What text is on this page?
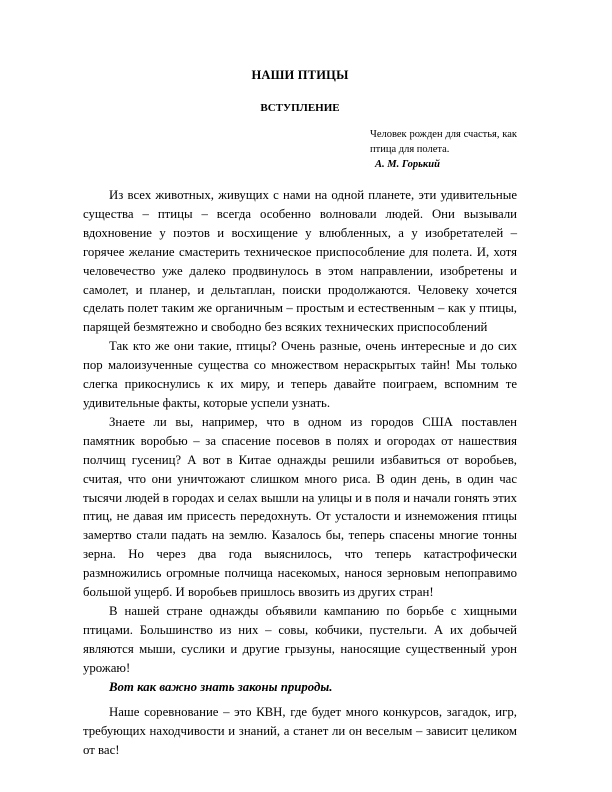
НАШИ ПТИЦЫ
ВСТУПЛЕНИЕ
Человек рожден для счастья, как птица для полета.
А. М. Горький

Из всех животных, живущих с нами на одной планете, эти удивительные существа – птицы – всегда особенно волновали людей. Они вызывали вдохновение у поэтов и восхищение у влюбленных, а у изобретателей – горячее желание смастерить техническое приспособление для полета. И, хотя человечество уже далеко продвинулось в этом направлении, изобретены и самолет, и планер, и дельтаплан, поиски продолжаются. Человеку хочется сделать полет таким же органичным – простым и естественным – как у птицы, парящей безмятежно и свободно без всяких технических приспособлений

Так кто же они такие, птицы? Очень разные, очень интересные и до сих пор малоизученные существа со множеством нераскрытых тайн! Мы только слегка прикоснулись к их миру, и теперь давайте поиграем, вспомним те удивительные факты, которые успели узнать.

Знаете ли вы, например, что в одном из городов США поставлен памятник воробью – за спасение посевов в полях и огородах от нашествия полчищ гусениц? А вот в Китае однажды решили избавиться от воробьев, считая, что они уничтожают слишком много риса. В один день, в один час тысячи людей в городах и селах вышли на улицы и в поля и начали гонять этих птиц, не давая им присесть передохнуть. От усталости и изнеможения птицы замертво стали падать на землю. Казалось бы, теперь спасены многие тонны зерна. Но через два года выяснилось, что теперь катастрофически размножились огромные полчища насекомых, нанося зерновым непоправимо большой ущерб. И воробьев пришлось ввозить из других стран!

В нашей стране однажды объявили кампанию по борьбе с хищными птицами. Большинство из них – совы, кобчики, пустельги. А их добычей являются мыши, суслики и другие грызуны, наносящие существенный урон урожаю!

Вот как важно знать законы природы.

Наше соревнование – это КВН, где будет много конкурсов, загадок, игр, требующих находчивости и знаний, а станет ли он веселым – зависит целиком от вас!
